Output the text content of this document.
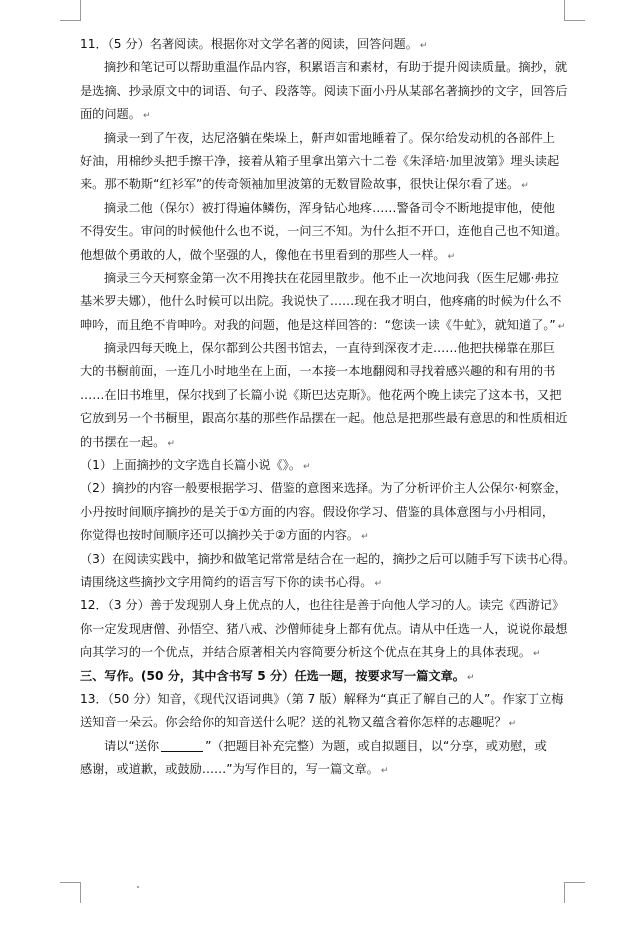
11．（5 分）名著阅读。根据你对文学名著的阅读，回答问题。 ↵
摘抄和笔记可以帮助重温作品内容，积累语言和素材，有助于提升阅读质量。摘抄，就
是选摘、抄录原文中的词语、句子、段落等。阅读下面小丹从某部名著摘抄的文字，回答后
面的问题。 ↵
摘录一到了午夜，达尼洛躺在柴垛上，鼾声如雷地睡着了。保尔给发动机的各部件上
好油，用棉纱头把手擦干净，接着从箱子里拿出第六十二卷《朱泽培·加里波第》埋头读起
来。那不勒斯“红衫军”的传奇领袖加里波第的无数冒险故事，很快让保尔看了迷。 ↵
摘录二他（保尔）被打得遍体鳞伤，浑身钻心地疼……警备司令不断地提审他，使他
不得安生。审问的时候他什么也不说，一问三不知。为什么拒不开口，连他自己也不知道。
他想做个勇敢的人，做个坚强的人，像他在书里看到的那些人一样。 ↵
摘录三今天柯察金第一次不用搀扶在花园里散步。他不止一次地问我（医生尼娜·弗拉
基米罗夫娜），他什么时候可以出院。我说快了……现在我才明白，他疼痛的时候为什么不
呻吟，而且绝不肯呻吟。对我的问题，他是这样回答的：“您读一读《牛虻》，就知道了。” ↵
摘录四每天晚上，保尔都到公共图书馆去，一直待到深夜才走……他把扶梯靠在那巨
大的书橱前面，一连几小时地坐在上面，一本接一本地翻阅和寻找着感兴趣的和有用的书
……在旧书堆里，保尔找到了长篇小说《斯巴达克斯》。他花两个晚上读完了这本书，又把
它放到另一个书橱里，跟高尔基的那些作品摆在一起。他总是把那些最有意思的和性质相近
的书摆在一起。 ↵
（1）上面摘抄的文字选自长篇小说《》。 ↵
（2）摘抄的内容一般要根据学习、借鉴的意图来选择。为了分析评价主人公保尔·柯察金，
小丹按时间顺序摘抄的是关于①方面的内容。假设你学习、借鉴的具体意图与小丹相同，
你觉得也按时间顺序还可以摘抄关于②方面的内容。 ↵
（3）在阅读实践中，摘抄和做笔记常常是结合在一起的，摘抄之后可以随手写下读书心得。
请围绕这些摘抄文字用简约的语言写下你的读书心得。 ↵
12．（3 分）善于发现别人身上优点的人，也往往是善于向他人学习的人。读完《西游记》
你一定发现唐僧、孙悟空、猪八戒、沙僧师徒身上都有优点。请从中任选一人，说说你最想
向其学习的一个优点，并结合原著相关内容简要分析这个优点在其身上的具体表现。 ↵
三、写作。(50 分，其中含书写 5 分）任选一题，按要求写一篇文章。 ↵
13．（50 分）知音，《现代汉语词典》（第 7 版）解释为“真正了解自己的人”。作家丁立梅
送知音一朵云。你会给你的知音送什么呢？送的礼物又蕴含着你怎样的志趣呢？ ↵
请以“送你	”（把题目补充完整）为题，或自拟题目，以“分享，或劝慰，或
感谢，或道歉，或鼓励……”为写作目的，写一篇文章。 ↵
